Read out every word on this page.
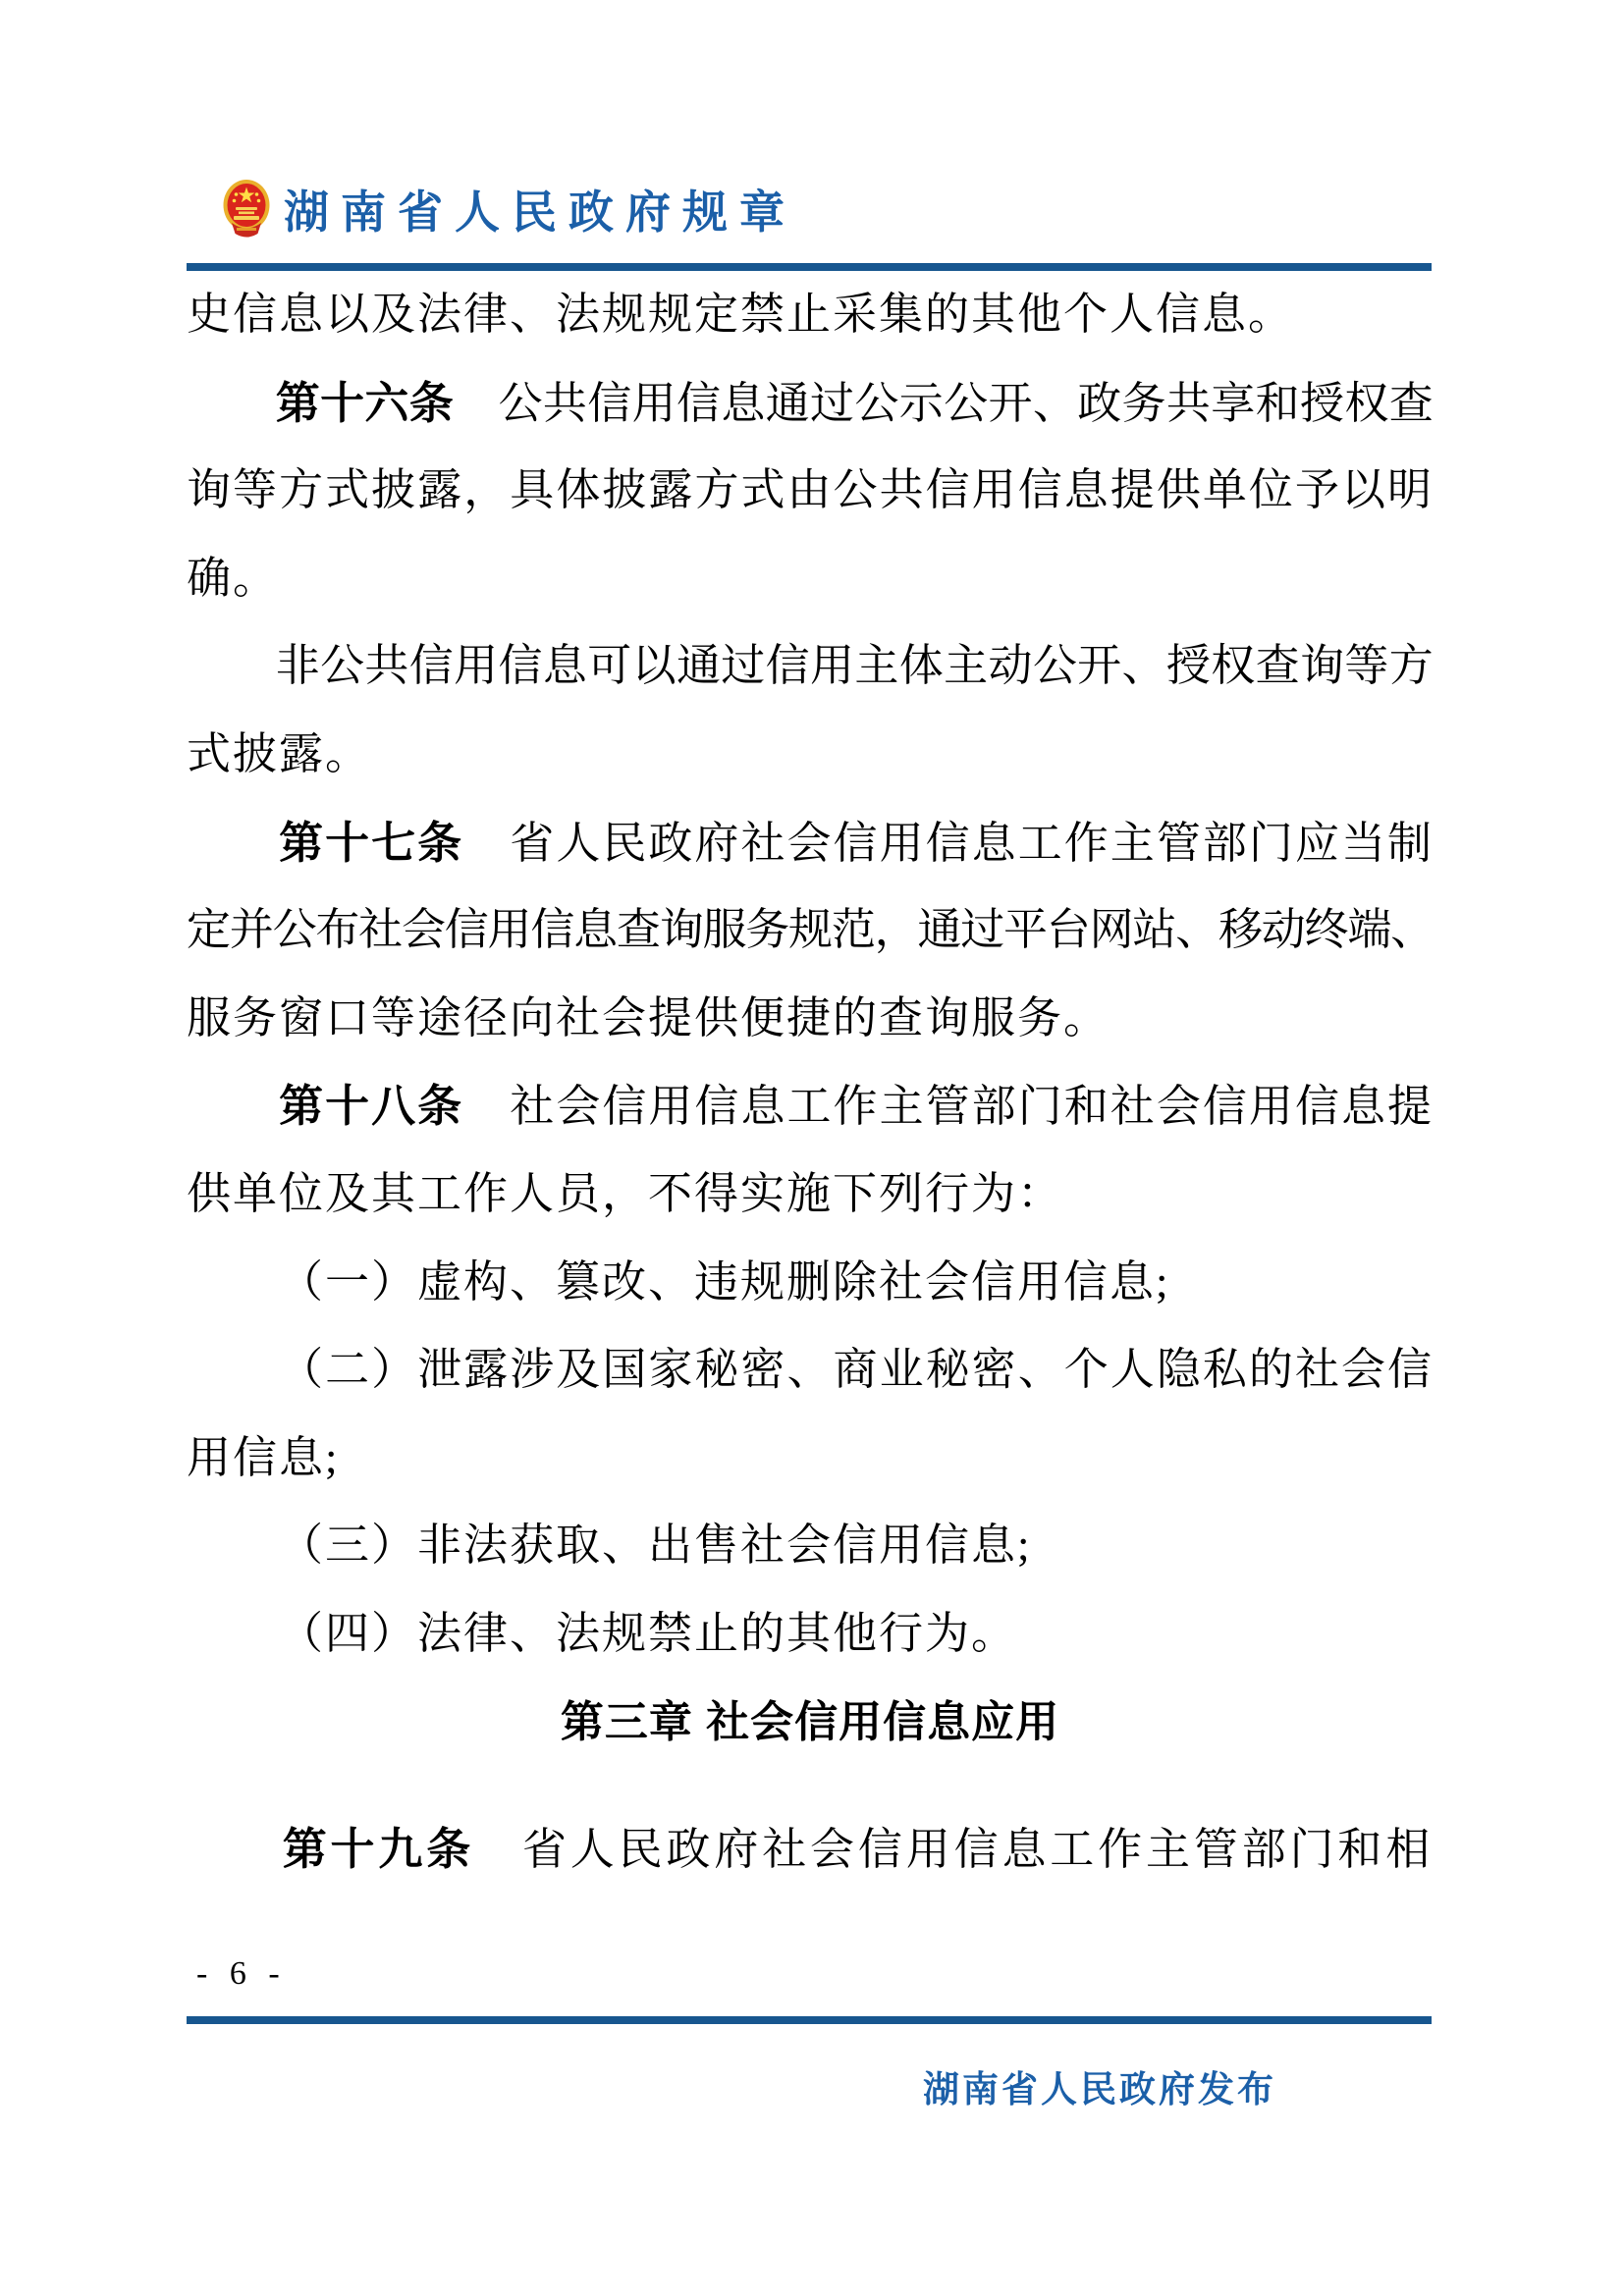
湖南省人民政府规章
史信息以及法律、法规规定禁止采集的其他个人信息。
第十六条　公共信用信息通过公示公开、政务共享和授权查
询等方式披露，具体披露方式由公共信用信息提供单位予以明
确。
非公共信用信息可以通过信用主体主动公开、授权查询等方
式披露。
第十七条　省人民政府社会信用信息工作主管部门应当制
定并公布社会信用信息查询服务规范，通过平台网站、移动终端、
服务窗口等途径向社会提供便捷的查询服务。
第十八条　社会信用信息工作主管部门和社会信用信息提
供单位及其工作人员，不得实施下列行为：
（一）虚构、篡改、违规删除社会信用信息;
（二）泄露涉及国家秘密、商业秘密、个人隐私的社会信
用信息;
（三）非法获取、出售社会信用信息;
（四）法律、法规禁止的其他行为。
第三章 社会信用信息应用
第十九条　省人民政府社会信用信息工作主管部门和相
- 6 -
湖南省人民政府发布
